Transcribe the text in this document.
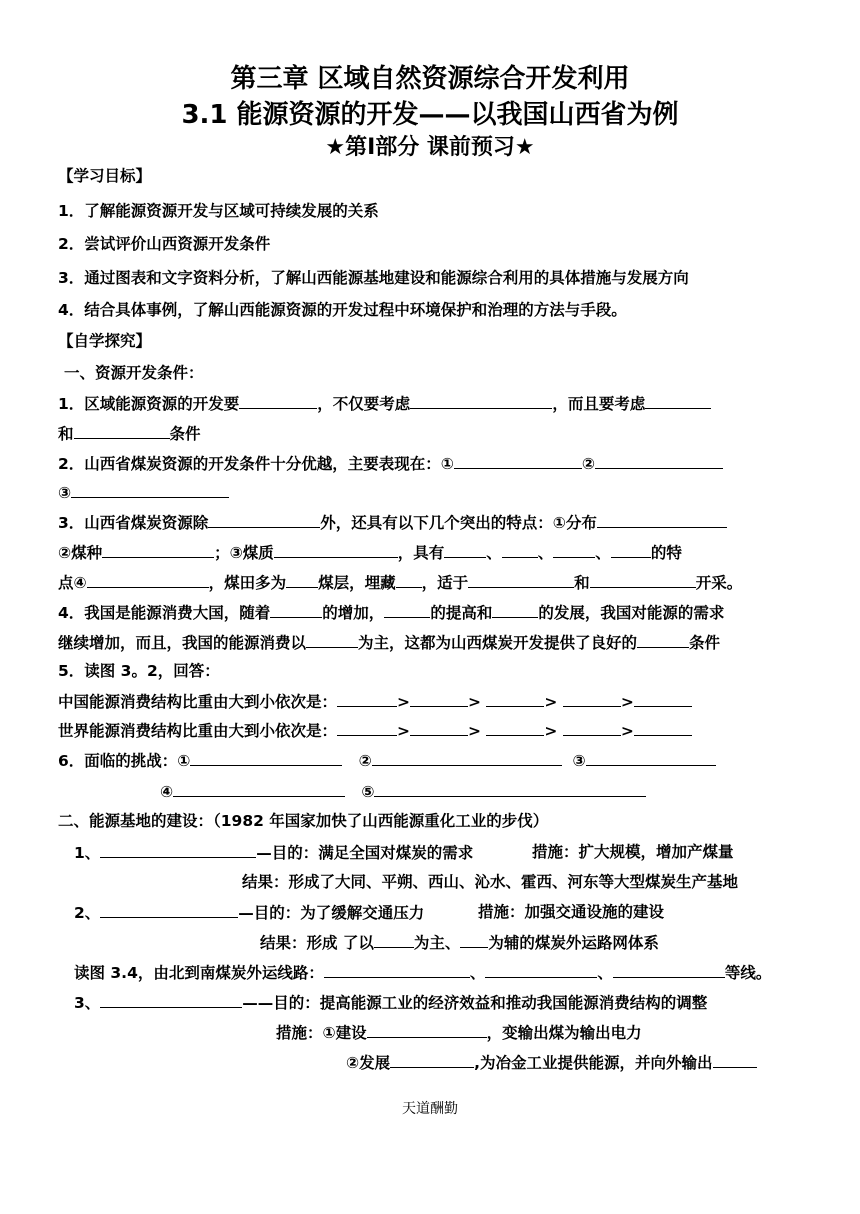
第三章 区域自然资源综合开发利用
3.1 能源资源的开发——以我国山西省为例
★第Ⅰ部分 课前预习★
【学习目标】
1．了解能源资源开发与区域可持续发展的关系
2．尝试评价山西资源开发条件
3．通过图表和文字资料分析，了解山西能源基地建设和能源综合利用的具体措施与发展方向
4．结合具体事例，了解山西能源资源的开发过程中环境保护和治理的方法与手段。
【自学探究】
一、资源开发条件：
1．区域能源资源的开发要	，不仅要考虑	，而且要考虑
和	条件
2．山西省煤炭资源的开发条件十分优越，主要表现在：①	②
③
3．山西省煤炭资源除	外，还具有以下几个突出的特点：①分布
②煤种	；③煤质	，具有	、 、	、	的特
点④	，煤田多为 煤层，埋藏 ，适于	和	开采。
4．我国是能源消费大国，随着	的增加，	的提高和	的发展，我国对能源的需求
继续增加，而且，我国的能源消费以	为主，这都为山西煤炭开发提供了良好的	条件
5．读图 3。2，回答：
中国能源消费结构比重由大到小依次是：	>	>	>	>
世界能源消费结构比重由大到小依次是：	>	>	>	>
6．面临的挑战：①	②	③
④	⑤
二、能源基地的建设：（1982 年国家加快了山西能源重化工业的步伐）
1、	—目的：满足全国对煤炭的需求	措施：扩大规模，增加产煤量
结果：形成了大同、平朔、西山、沁水、霍西、河东等大型煤炭生产基地
2、	—目的：为了缓解交通压力	措施：加强交通设施的建设
结果：形成 了以	为主、 为辅的煤炭外运路网体系
读图 3.4，由北到南煤炭外运线路：	、	、	等线。
3、	——目的：提高能源工业的经济效益和推动我国能源消费结构的调整
措施：①建设	，变输出煤为输出电力
②发展	,为冶金工业提供能源，并向外输出
天道酬勤
